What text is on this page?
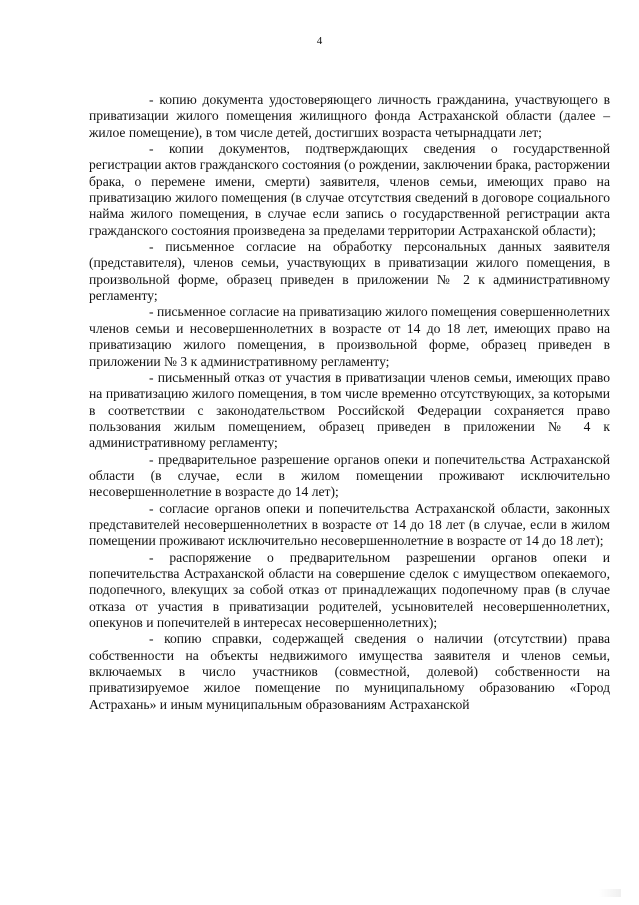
4

- копию документа удостоверяющего личность гражданина, участвующего в приватизации жилого помещения жилищного фонда Астраханской области (далее – жилое помещение), в том числе детей, достигших возраста четырнадцати лет;

- копии документов, подтверждающих сведения о государственной регистрации актов гражданского состояния (о рождении, заключении брака, расторжении брака, о перемене имени, смерти) заявителя, членов семьи, имеющих право на приватизацию жилого помещения (в случае отсутствия сведений в договоре социального найма жилого помещения, в случае если запись о государственной регистрации акта гражданского состояния произведена за пределами территории Астраханской области);

- письменное согласие на обработку персональных данных заявителя (представителя), членов семьи, участвующих в приватизации жилого помещения, в произвольной форме, образец приведен в приложении № 2 к административному регламенту;

- письменное согласие на приватизацию жилого помещения совершеннолетних членов семьи и несовершеннолетних в возрасте от 14 до 18 лет, имеющих право на приватизацию жилого помещения, в произвольной форме, образец приведен в приложении № 3 к административному регламенту;

- письменный отказ от участия в приватизации членов семьи, имеющих право на приватизацию жилого помещения, в том числе временно отсутствующих, за которыми в соответствии с законодательством Российской Федерации сохраняется право пользования жилым помещением, образец приведен в приложении № 4 к административному регламенту;

- предварительное разрешение органов опеки и попечительства Астраханской области (в случае, если в жилом помещении проживают исключительно несовершеннолетние в возрасте до 14 лет);

- согласие органов опеки и попечительства Астраханской области, законных представителей несовершеннолетних в возрасте от 14 до 18 лет (в случае, если в жилом помещении проживают исключительно несовершеннолетние в возрасте от 14 до 18 лет);

- распоряжение о предварительном разрешении органов опеки и попечительства Астраханской области на совершение сделок с имуществом опекаемого, подопечного, влекущих за собой отказ от принадлежащих подопечному прав (в случае отказа от участия в приватизации родителей, усыновителей несовершеннолетних, опекунов и попечителей в интересах несовершеннолетних);

- копию справки, содержащей сведения о наличии (отсутствии) права собственности на объекты недвижимого имущества заявителя и членов семьи, включаемых в число участников (совместной, долевой) собственности на приватизируемое жилое помещение по муниципальному образованию «Город Астрахань» и иным муниципальным образованиям Астраханской
